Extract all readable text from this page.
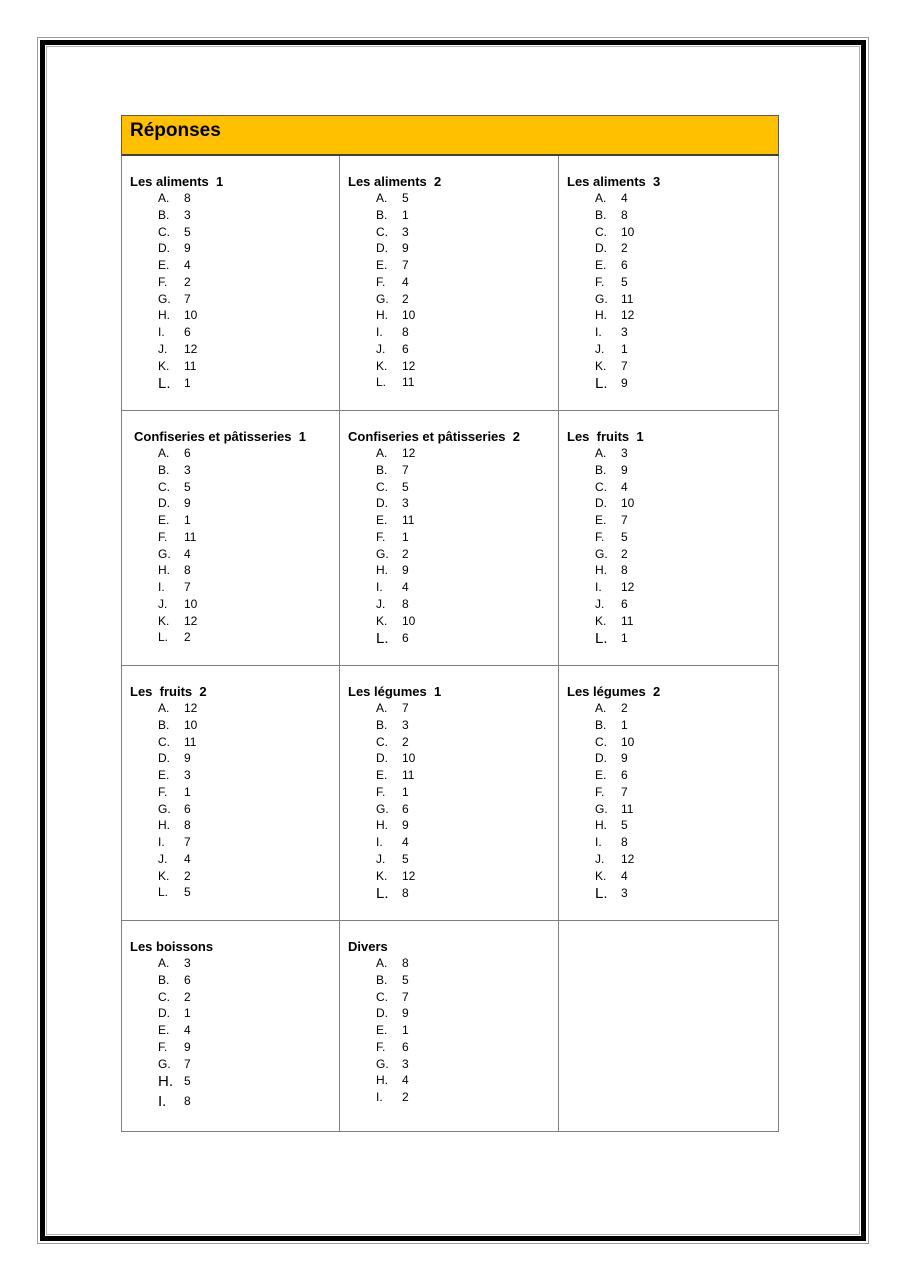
Réponses
Les aliments  1
A.	8
B.	3
C.	5
D.	9
E.	4
F.	2
G.	7
H.	10
I.	6
J.	12
K.	11
L.	1
Les aliments  2
A.	5
B.	1
C.	3
D.	9
E.	7
F.	4
G.	2
H.	10
I.	8
J.	6
K.	12
L.	11
Les aliments  3
A.	4
B.	8
C.	10
D.	2
E.	6
F.	5
G.	11
H.	12
I.	3
J.	1
K.	7
L.	9
Confiseries et pâtisseries  1
A.	6
B.	3
C.	5
D.	9
E.	1
F.	11
G.	4
H.	8
I.	7
J.	10
K.	12
L.	2
Confiseries et pâtisseries  2
A.	12
B.	7
C.	5
D.	3
E.	11
F.	1
G.	2
H.	9
I.	4
J.	8
K.	10
L.	6
Les  fruits  1
A.	3
B.	9
C.	4
D.	10
E.	7
F.	5
G.	2
H.	8
I.	12
J.	6
K.	11
L.	1
Les  fruits  2
A.	12
B.	10
C.	11
D.	9
E.	3
F.	1
G.	6
H.	8
I.	7
J.	4
K.	2
L.	5
Les légumes  1
A.	7
B.	3
C.	2
D.	10
E.	11
F.	1
G.	6
H.	9
I.	4
J.	5
K.	12
L.	8
Les légumes  2
A.	2
B.	1
C.	10
D.	9
E.	6
F.	7
G.	11
H.	5
I.	8
J.	12
K.	4
L.	3
Les boissons
A.	3
B.	6
C.	2
D.	1
E.	4
F.	9
G.	7
H. 5
I.	8
Divers
A.	8
B.	5
C.	7
D.	9
E.	1
F.	6
G.	3
H.	4
I.	2
